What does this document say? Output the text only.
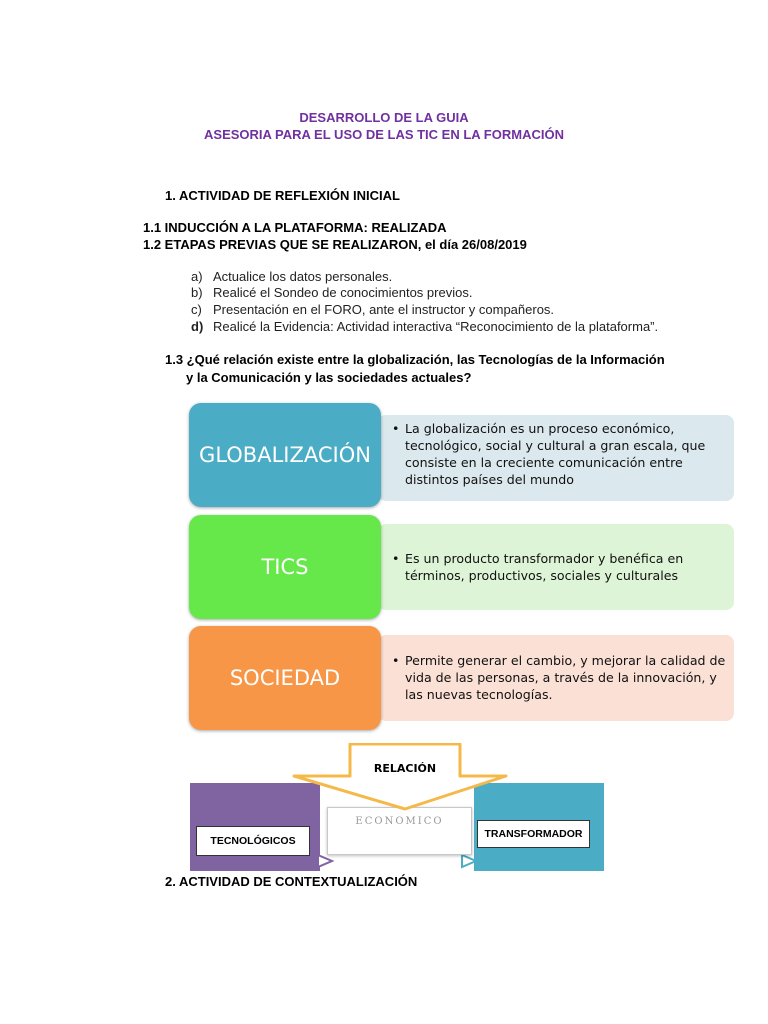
DESARROLLO DE LA GUIA
ASESORIA PARA EL USO DE LAS TIC EN LA FORMACIÓN
1. ACTIVIDAD DE REFLEXIÓN INICIAL
1.1 INDUCCIÓN A LA PLATAFORMA: REALIZADA
1.2 ETAPAS PREVIAS QUE SE REALIZARON, el día 26/08/2019
a) Actualice los datos personales.
b) Realicé el Sondeo de conocimientos previos.
c) Presentación en el FORO, ante el instructor y compañeros.
d) Realicé la Evidencia: Actividad interactiva “Reconocimiento de la plataforma”.
1.3 ¿Qué relación existe entre la globalización, las Tecnologías de la Información
y la Comunicación y las sociedades actuales?
• La globalización es un proceso económico, tecnológico, social y cultural a gran escala, que consiste en la creciente comunicación entre distintos países del mundo
GLOBALIZACIÓN
• Es un producto transformador y benéfica en términos, productivos, sociales y culturales
TICS
• Permite generar el cambio, y mejorar la calidad de vida de las personas, a través de la innovación, y las nuevas tecnologías.
SOCIEDAD
TECNOLÓGICOS
TRANSFORMADOR
ECONOMICO
RELACIÓN
2. ACTIVIDAD DE CONTEXTUALIZACIÓN
